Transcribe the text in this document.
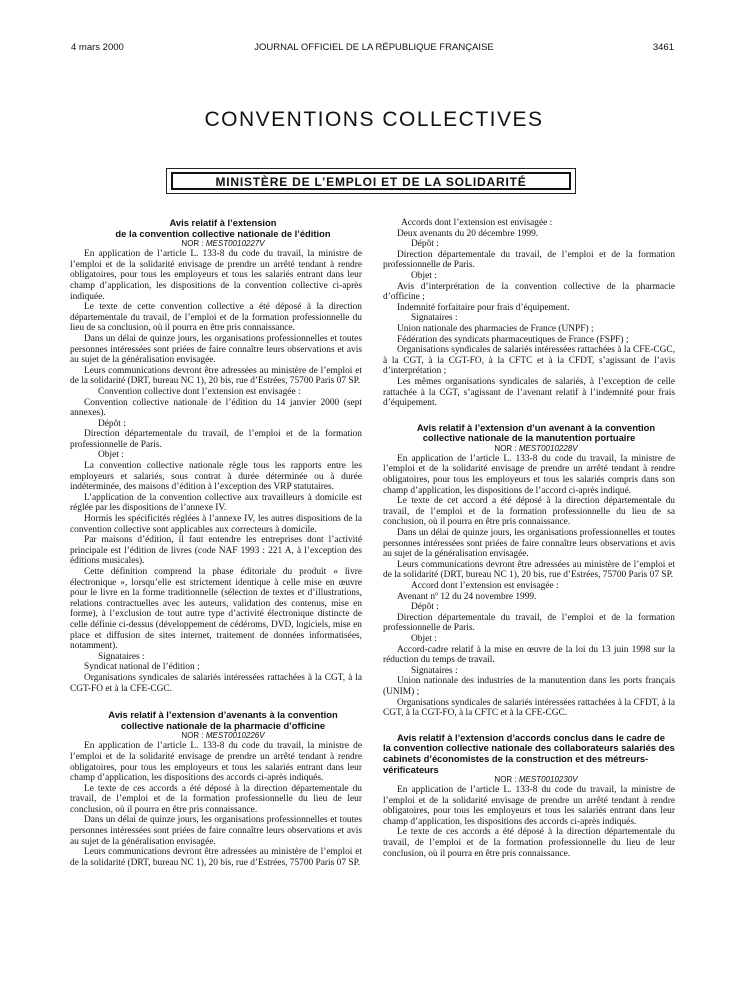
4 mars 2000	JOURNAL OFFICIEL DE LA RÉPUBLIQUE FRANÇAISE	3461
CONVENTIONS COLLECTIVES
MINISTÈRE DE L’EMPLOI ET DE LA SOLIDARITÉ

Avis relatif à l’extension

de la convention collective nationale de l’édition

NOR : MEST0010227V

En application de l’article L. 133-8 du code du travail, la ministre de l’emploi et de la solidarité envisage de prendre un arrêté tendant à rendre obligatoires, pour tous les employeurs et tous les salariés entrant dans leur champ d’application, les dispositions de la convention collective ci-après indiquée.

Le texte de cette convention collective a été déposé à la direction départementale du travail, de l’emploi et de la formation professionnelle du lieu de sa conclusion, où il pourra en être pris connaissance.

Dans un délai de quinze jours, les organisations professionnelles et toutes personnes intéressées sont priées de faire connaître leurs observations et avis au sujet de la généralisation envisagée.

Leurs communications devront être adressées au ministère de l’emploi et de la solidarité (DRT, bureau NC 1), 20 bis, rue d’Estrées, 75700 Paris 07 SP.

Convention collective dont l’extension est envisagée :

Convention collective nationale de l’édition du 14 janvier 2000 (sept annexes).

Dépôt :

Direction départementale du travail, de l’emploi et de la formation professionnelle de Paris.

Objet :

La convention collective nationale règle tous les rapports entre les employeurs et salariés, sous contrat à durée déterminée ou à durée indéterminée, des maisons d’édition à l’exception des VRP statutaires.

L’application de la convention collective aux travailleurs à domicile est réglée par les dispositions de l’annexe IV.

Hormis les spécificités réglées à l’annexe IV, les autres dispositions de la convention collective sont applicables aux correcteurs à domicile.

Par maisons d’édition, il faut entendre les entreprises dont l’activité principale est l’édition de livres (code NAF 1993 : 221 A, à l’exception des éditions musicales).

Cette définition comprend la phase éditoriale du produit « livre électronique », lorsqu’elle est strictement identique à celle mise en œuvre pour le livre en la forme traditionnelle (sélection de textes et d’illustrations, relations contractuelles avec les auteurs, validation des contenus, mise en forme), à l’exclusion de tout autre type d’activité électronique distincte de celle définie ci-dessus (développement de cédéroms, DVD, logiciels, mise en place et diffusion de sites internet, traitement de données informatisées, notamment).

Signataires :

Syndicat national de l’édition ;

Organisations syndicales de salariés intéressées rattachées à la CGT, à la CGT-FO et à la CFE-CGC.

Avis relatif à l’extension d’avenants à la convention

collective nationale de la pharmacie d’officine

NOR : MEST0010226V

En application de l’article L. 133-8 du code du travail, la ministre de l’emploi et de la solidarité envisage de prendre un arrêté tendant à rendre obligatoires, pour tous les employeurs et tous les salariés entrant dans leur champ d’application, les dispositions des accords ci-après indiqués.

Le texte de ces accords a été déposé à la direction départementale du travail, de l’emploi et de la formation professionnelle du lieu de leur conclusion, où il pourra en être pris connaissance.

Dans un délai de quinze jours, les organisations professionnelles et toutes personnes intéressées sont priées de faire connaître leurs observations et avis au sujet de la généralisation envisagée.

Leurs communications devront être adressées au ministère de l’emploi et de la solidarité (DRT, bureau NC 1), 20 bis, rue d’Estrées, 75700 Paris 07 SP.

Accords dont l’extension est envisagée :

Deux avenants du 20 décembre 1999.

Dépôt :

Direction départementale du travail, de l’emploi et de la formation professionnelle de Paris.

Objet :

Avis d’interprétation de la convention collective de la pharmacie d’officine ;

Indemnité forfaitaire pour frais d’équipement.

Signataires :

Union nationale des pharmacies de France (UNPF) ;

Fédération des syndicats pharmaceutiques de France (FSPF) ;

Organisations syndicales de salariés intéressées rattachées à la CFE-CGC, à la CGT, à la CGT-FO, à la CFTC et à la CFDT, s’agissant de l’avis d’interprétation ;

Les mêmes organisations syndicales de salariés, à l’exception de celle rattachée à la CGT, s’agissant de l’avenant relatif à l’indemnité pour frais d’équipement.

Avis relatif à l’extension d’un avenant à la convention collective nationale de la manutention portuaire

NOR : MEST0010228V

En application de l’article L. 133-8 du code du travail, la ministre de l’emploi et de la solidarité envisage de prendre un arrêté tendant à rendre obligatoires, pour tous les employeurs et tous les salariés compris dans son champ d’application, les dispositions de l’accord ci-après indiqué.

Le texte de cet accord a été déposé à la direction départementale du travail, de l’emploi et de la formation professionnelle du lieu de sa conclusion, où il pourra en être pris connaissance.

Dans un délai de quinze jours, les organisations professionnelles et toutes personnes intéressées sont priées de faire connaître leurs observations et avis au sujet de la généralisation envisagée.

Leurs communications devront être adressées au ministère de l’emploi et de la solidarité (DRT, bureau NC 1), 20 bis, rue d’Estrées, 75700 Paris 07 SP.

Accord dont l’extension est envisagée :

Avenant nº 12 du 24 novembre 1999.

Dépôt :

Direction départementale du travail, de l’emploi et de la formation professionnelle de Paris.

Objet :

Accord-cadre relatif à la mise en œuvre de la loi du 13 juin 1998 sur la réduction du temps de travail.

Signataires :

Union nationale des industries de la manutention dans les ports français (UNIM) ;

Organisations syndicales de salariés intéressées rattachées à la CFDT, à la CGT, à la CGT-FO, à la CFTC et à la CFE-CGC.

Avis relatif à l’extension d’accords conclus dans le cadre de la convention collective nationale des collaborateurs salariés des cabinets d’économistes de la construction et des métreurs-vérificateurs

NOR : MEST0010230V

En application de l’article L. 133-8 du code du travail, la ministre de l’emploi et de la solidarité envisage de prendre un arrêté tendant à rendre obligatoires, pour tous les employeurs et tous les salariés entrant dans leur champ d’application, les dispositions des accords ci-après indiqués.

Le texte de ces accords a été déposé à la direction départementale du travail, de l’emploi et de la formation professionnelle du lieu de leur conclusion, où il pourra en être pris connaissance.
